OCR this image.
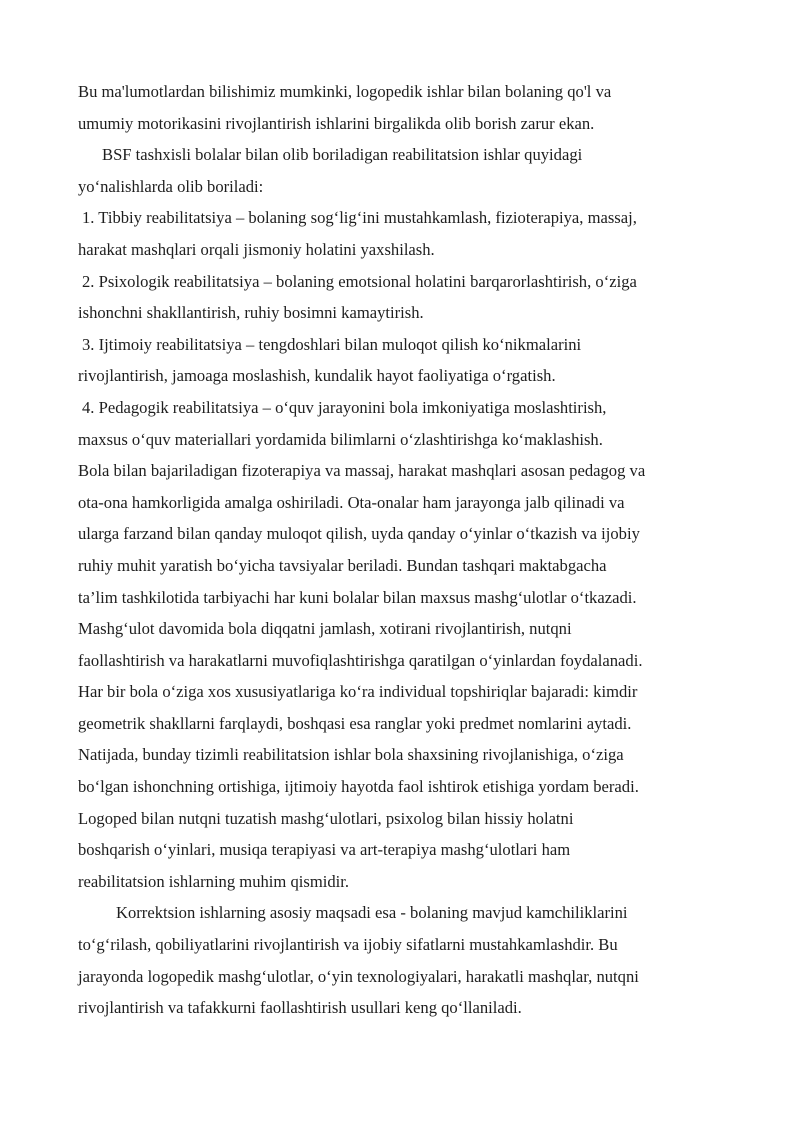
Bu ma'lumotlardan bilishimiz mumkinki, logopedik ishlar bilan bolaning qo'l va
umumiy motorikasini rivojlantirish ishlarini birgalikda olib borish zarur ekan.
BSF tashxisli bolalar bilan olib boriladigan reabilitatsion ishlar quyidagi
yo‘nalishlarda olib boriladi:
1. Tibbiy reabilitatsiya – bolaning sog‘lig‘ini mustahkamlash, fizioterapiya, massaj,
harakat mashqlari orqali jismoniy holatini yaxshilash.
2. Psixologik reabilitatsiya – bolaning emotsional holatini barqarorlashtirish, o‘ziga
ishonchni shakllantirish, ruhiy bosimni kamaytirish.
3. Ijtimoiy reabilitatsiya – tengdoshlari bilan muloqot qilish ko‘nikmalarini
rivojlantirish, jamoaga moslashish, kundalik hayot faoliyatiga o‘rgatish.
4. Pedagogik reabilitatsiya – o‘quv jarayonini bola imkoniyatiga moslashtirish,
maxsus o‘quv materiallari yordamida bilimlarni o‘zlashtirishga ko‘maklashish.
Bola bilan bajariladigan fizoterapiya va massaj, harakat mashqlari asosan pedagog va
ota-ona hamkorligida amalga oshiriladi. Ota-onalar ham jarayonga jalb qilinadi va
ularga farzand bilan qanday muloqot qilish, uyda qanday o‘yinlar o‘tkazish va ijobiy
ruhiy muhit yaratish bo‘yicha tavsiyalar beriladi. Bundan tashqari maktabgacha
ta’lim tashkilotida tarbiyachi har kuni bolalar bilan maxsus mashg‘ulotlar o‘tkazadi.
Mashg‘ulot davomida bola diqqatni jamlash, xotirani rivojlantirish, nutqni
faollashtirish va harakatlarni muvofiqlashtirishga qaratilgan o‘yinlardan foydalanadi.
Har bir bola o‘ziga xos xususiyatlariga ko‘ra individual topshiriqlar bajaradi: kimdir
geometrik shakllarni farqlaydi, boshqasi esa ranglar yoki predmet nomlarini aytadi.
Natijada, bunday tizimli reabilitatsion ishlar bola shaxsining rivojlanishiga, o‘ziga
bo‘lgan ishonchning ortishiga, ijtimoiy hayotda faol ishtirok etishiga yordam beradi.
Logoped bilan nutqni tuzatish mashg‘ulotlari, psixolog bilan hissiy holatni
boshqarish o‘yinlari, musiqa terapiyasi va art-terapiya mashg‘ulotlari ham
reabilitatsion ishlarning muhim qismidir.
Korrektsion ishlarning asosiy maqsadi esa - bolaning mavjud kamchiliklarini
to‘g‘rilash, qobiliyatlarini rivojlantirish va ijobiy sifatlarni mustahkamlashdir. Bu
jarayonda logopedik mashg‘ulotlar, o‘yin texnologiyalari, harakatli mashqlar, nutqni
rivojlantirish va tafakkurni faollashtirish usullari keng qo‘llaniladi.
